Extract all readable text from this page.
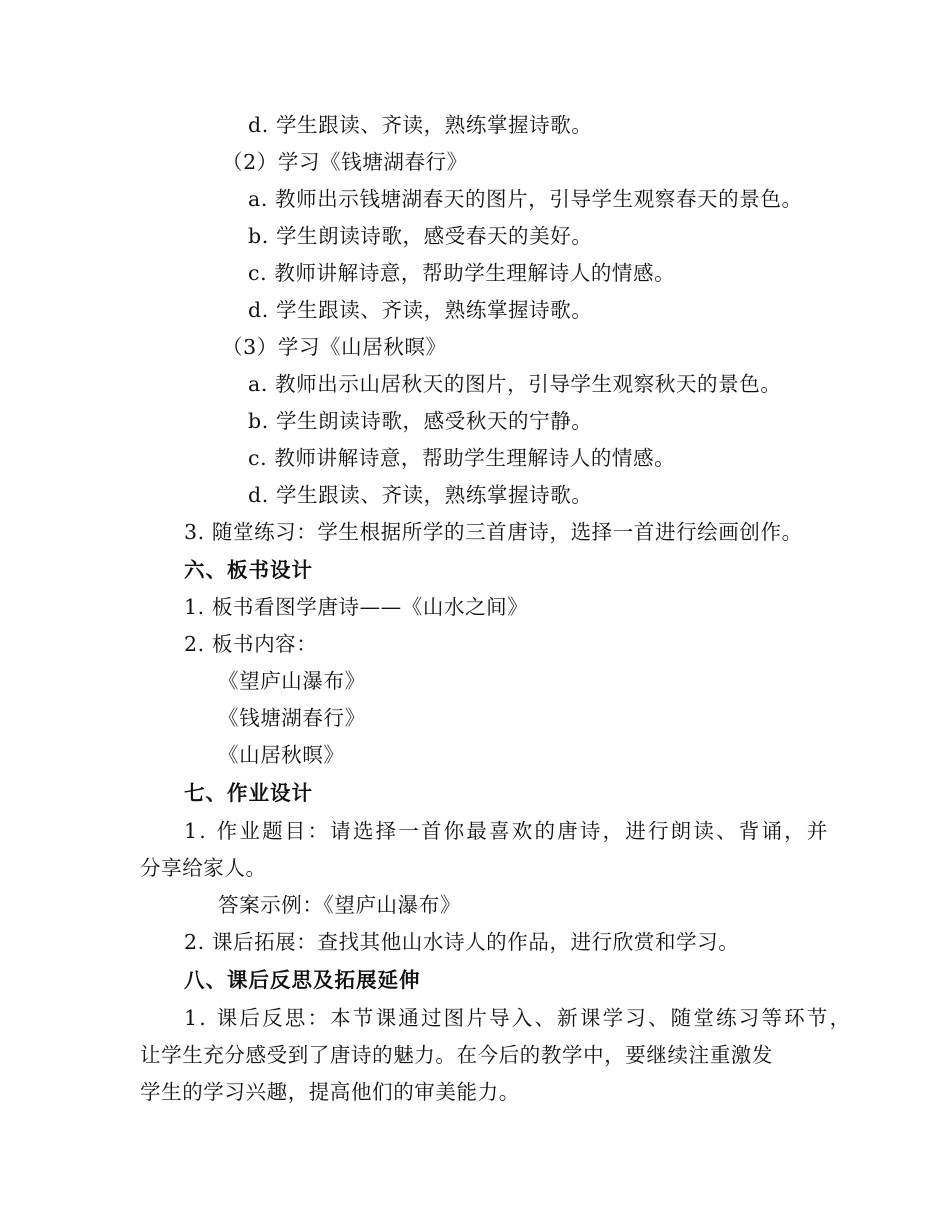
d. 学生跟读、齐读，熟练掌握诗歌。
（2）学习《钱塘湖春行》
a. 教师出示钱塘湖春天的图片，引导学生观察春天的景色。
b. 学生朗读诗歌，感受春天的美好。
c. 教师讲解诗意，帮助学生理解诗人的情感。
d. 学生跟读、齐读，熟练掌握诗歌。
（3）学习《山居秋暝》
a. 教师出示山居秋天的图片，引导学生观察秋天的景色。
b. 学生朗读诗歌，感受秋天的宁静。
c. 教师讲解诗意，帮助学生理解诗人的情感。
d. 学生跟读、齐读，熟练掌握诗歌。
3. 随堂练习：学生根据所学的三首唐诗，选择一首进行绘画创作。
六、板书设计
1. 板书看图学唐诗——《山水之间》
2. 板书内容：
《望庐山瀑布》
《钱塘湖春行》
《山居秋暝》
七、作业设计
1. 作业题目：请选择一首你最喜欢的唐诗，进行朗读、背诵，并
分享给家人。
答案示例：《望庐山瀑布》
2. 课后拓展：查找其他山水诗人的作品，进行欣赏和学习。
八、课后反思及拓展延伸
1. 课后反思：本节课通过图片导入、新课学习、随堂练习等环节，
让学生充分感受到了唐诗的魅力。在今后的教学中，要继续注重激发
学生的学习兴趣，提高他们的审美能力。
